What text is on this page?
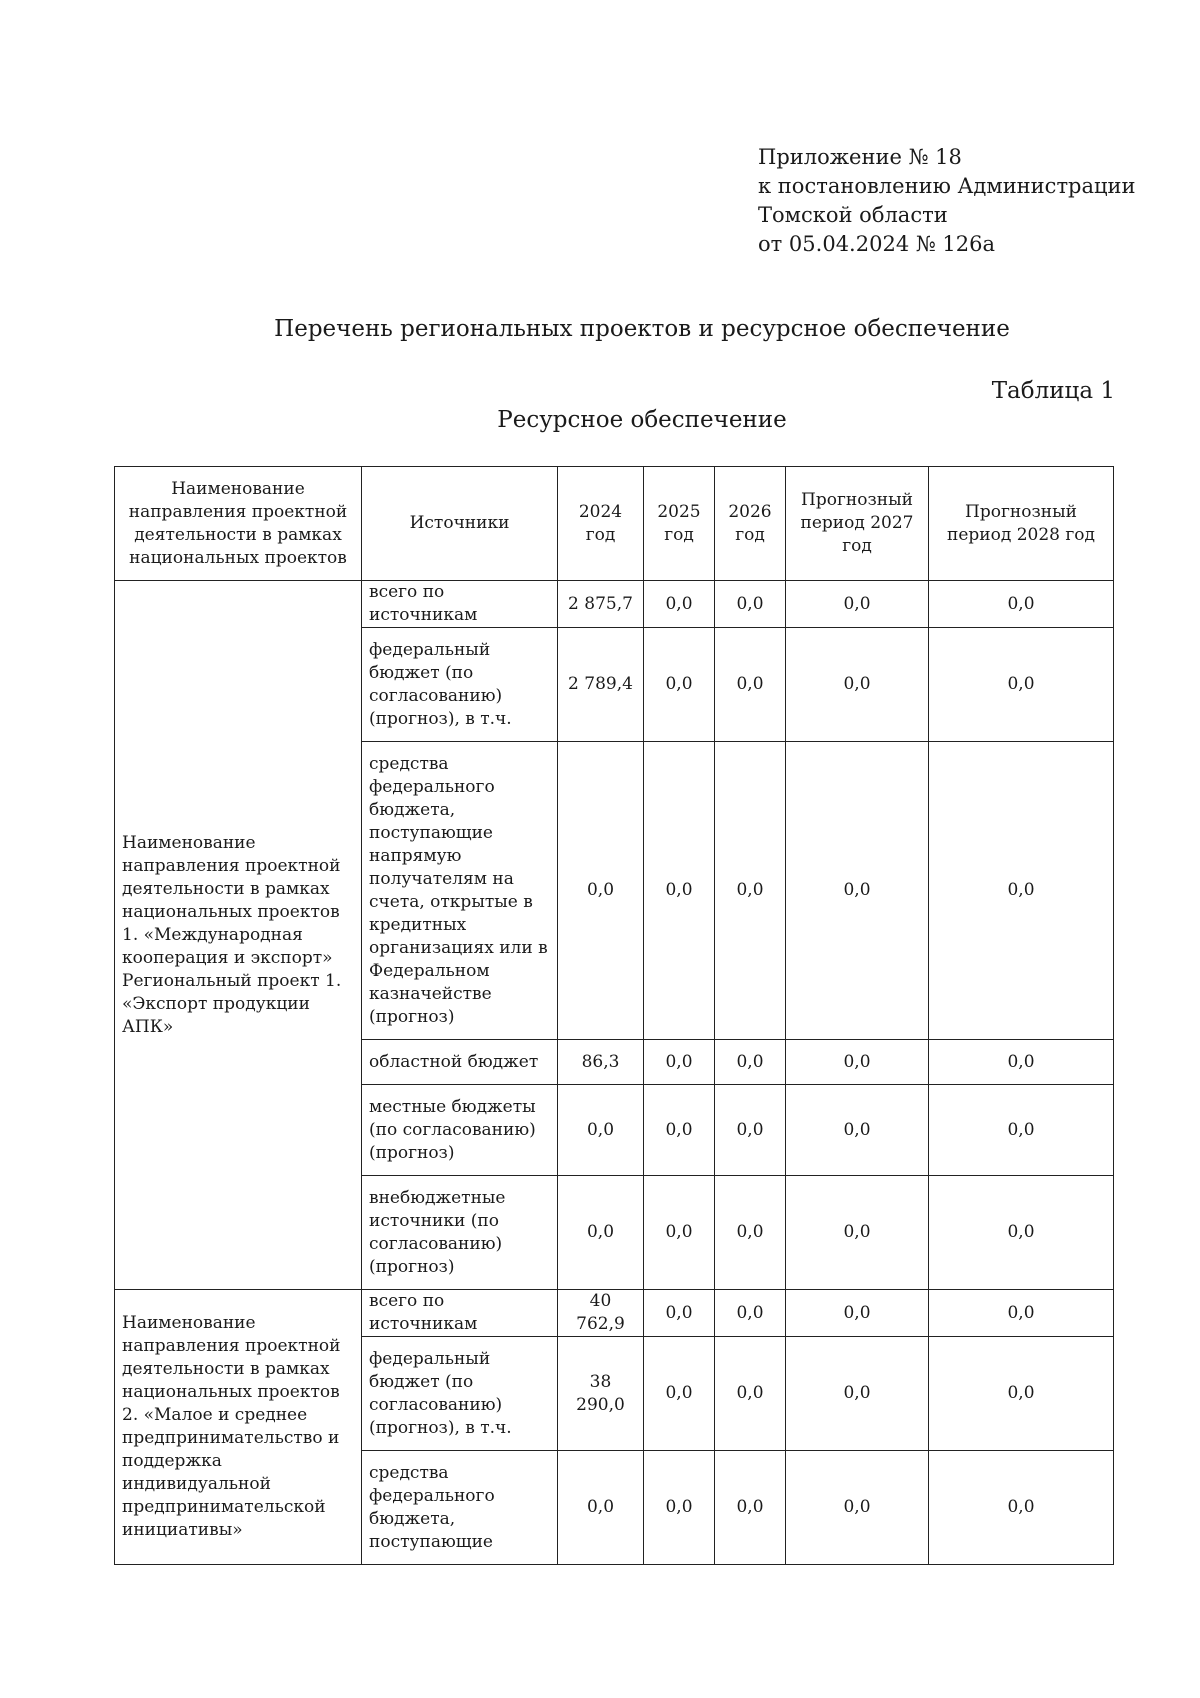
Приложение № 18
к постановлению Администрации
Томской области
от 05.04.2024 № 126а
Перечень региональных проектов и ресурсное обеспечение
Таблица 1
Ресурсное обеспечение
Наименование направления проектной деятельности в рамках национальных проектов	Источники	2024 год	2025 год	2026 год	Прогнозный период 2027 год	Прогнозный период 2028 год
Наименование направления проектной деятельности в рамках национальных проектов 1. «Международная кооперация и экспорт» Региональный проект 1. «Экспорт продукции АПК»	всего по источникам	2 875,7	0,0	0,0	0,0	0,0
	федеральный бюджет (по согласованию) (прогноз), в т.ч.	2 789,4	0,0	0,0	0,0	0,0
	средства федерального бюджета, поступающие напрямую получателям на счета, открытые в кредитных организациях или в Федеральном казначействе (прогноз)	0,0	0,0	0,0	0,0	0,0
	областной бюджет	86,3	0,0	0,0	0,0	0,0
	местные бюджеты (по согласованию) (прогноз)	0,0	0,0	0,0	0,0	0,0
	внебюджетные источники (по согласованию) (прогноз)	0,0	0,0	0,0	0,0	0,0
Наименование направления проектной деятельности в рамках национальных проектов 2. «Малое и среднее предпринимательство и поддержка индивидуальной предпринимательской инициативы»	всего по источникам	40 762,9	0,0	0,0	0,0	0,0
	федеральный бюджет (по согласованию) (прогноз), в т.ч.	38 290,0	0,0	0,0	0,0	0,0
	средства федерального бюджета, поступающие	0,0	0,0	0,0	0,0	0,0
